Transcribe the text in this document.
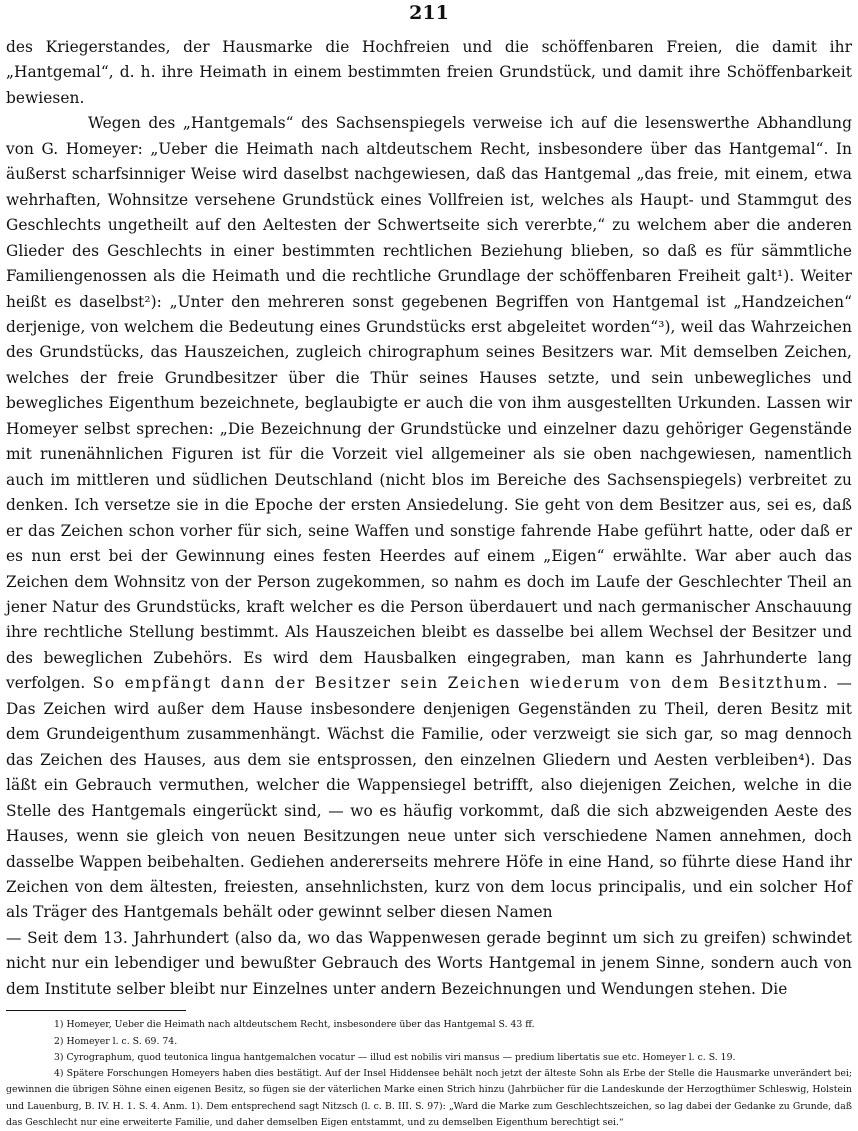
211

des Kriegerstandes, der Hausmarke die Hochfreien und die schöffenbaren Freien, die damit ihr „Hantgemal“, d. h. ihre Heimath in einem bestimmten freien Grundstück, und damit ihre Schöffenbarkeit bewiesen.

Wegen des „Hantgemals“ des Sachsenspiegels verweise ich auf die lesenswerthe Abhandlung von G. Homeyer: „Ueber die Heimath nach altdeutschem Recht, insbesondere über das Hantgemal“. In äußerst scharfsinniger Weise wird daselbst nachgewiesen, daß das Hantgemal „das freie, mit einem, etwa wehrhaften, Wohnsitze versehene Grundstück eines Vollfreien ist, welches als Haupt- und Stammgut des Geschlechts ungetheilt auf den Aeltesten der Schwertseite sich vererbte,“ zu welchem aber die anderen Glieder des Geschlechts in einer bestimmten rechtlichen Beziehung blieben, so daß es für sämmtliche Familiengenossen als die Heimath und die rechtliche Grundlage der schöffenbaren Freiheit galt¹). Weiter heißt es daselbst²): „Unter den mehreren sonst gegebenen Begriffen von Hantgemal ist „Handzeichen“ derjenige, von welchem die Bedeutung eines Grundstücks erst abgeleitet worden“³), weil das Wahrzeichen des Grundstücks, das Hauszeichen, zugleich chirographum seines Besitzers war. Mit demselben Zeichen, welches der freie Grundbesitzer über die Thür seines Hauses setzte, und sein unbewegliches und bewegliches Eigenthum bezeichnete, beglaubigte er auch die von ihm ausgestellten Urkunden. Lassen wir Homeyer selbst sprechen: „Die Bezeichnung der Grundstücke und einzelner dazu gehöriger Gegenstände mit runenähnlichen Figuren ist für die Vorzeit viel allgemeiner als sie oben nachgewiesen, namentlich auch im mittleren und südlichen Deutschland (nicht blos im Bereiche des Sachsenspiegels) verbreitet zu denken. Ich versetze sie in die Epoche der ersten Ansiedelung. Sie geht von dem Besitzer aus, sei es, daß er das Zeichen schon vorher für sich, seine Waffen und sonstige fahrende Habe geführt hatte, oder daß er es nun erst bei der Gewinnung eines festen Heerdes auf einem „Eigen“ erwählte. War aber auch das Zeichen dem Wohnsitz von der Person zugekommen, so nahm es doch im Laufe der Geschlechter Theil an jener Natur des Grundstücks, kraft welcher es die Person überdauert und nach germanischer Anschauung ihre rechtliche Stellung bestimmt. Als Hauszeichen bleibt es dasselbe bei allem Wechsel der Besitzer und des beweglichen Zubehörs. Es wird dem Hausbalken eingegraben, man kann es Jahrhunderte lang verfolgen. So empfängt dann der Besitzer sein Zeichen wiederum von dem Besitzthum. — Das Zeichen wird außer dem Hause insbesondere denjenigen Gegenständen zu Theil, deren Besitz mit dem Grundeigenthum zusammenhängt. Wächst die Familie, oder verzweigt sie sich gar, so mag dennoch das Zeichen des Hauses, aus dem sie entsprossen, den einzelnen Gliedern und Aesten verbleiben⁴). Das läßt ein Gebrauch vermuthen, welcher die Wappensiegel betrifft, also diejenigen Zeichen, welche in die Stelle des Hantgemals eingerückt sind, — wo es häufig vorkommt, daß die sich abzweigenden Aeste des Hauses, wenn sie gleich von neuen Besitzungen neue unter sich verschiedene Namen annehmen, doch dasselbe Wappen beibehalten. Gediehen andererseits mehrere Höfe in eine Hand, so führte diese Hand ihr Zeichen von dem ältesten, freiesten, ansehnlichsten, kurz von dem locus principalis, und ein solcher Hof als Träger des Hantgemals behält oder gewinnt selber diesen Namen

— Seit dem 13. Jahrhundert (also da, wo das Wappenwesen gerade beginnt um sich zu greifen) schwindet nicht nur ein lebendiger und bewußter Gebrauch des Worts Hantgemal in jenem Sinne, sondern auch von dem Institute selber bleibt nur Einzelnes unter andern Bezeichnungen und Wendungen stehen. Die

1) Homeyer, Ueber die Heimath nach altdeutschem Recht, insbesondere über das Hantgemal S. 43 ff.

2) Homeyer l. c. S. 69. 74.

3) Cyrographum, quod teutonica lingua hantgemalchen vocatur — illud est nobilis viri mansus — predium libertatis sue etc. Homeyer l. c. S. 19.

4) Spätere Forschungen Homeyers haben dies bestätigt. Auf der Insel Hiddensee behält noch jetzt der älteste Sohn als Erbe der Stelle die Hausmarke unverändert bei; gewinnen die übrigen Söhne einen eigenen Besitz, so fügen sie der väterlichen Marke einen Strich hinzu (Jahrbücher für die Landeskunde der Herzogthümer Schleswig, Holstein und Lauenburg, B. IV. H. 1. S. 4. Anm. 1). Dem entsprechend sagt Nitzsch (l. c. B. III. S. 97): „Ward die Marke zum Geschlechtszeichen, so lag dabei der Gedanke zu Grunde, daß das Geschlecht nur eine erweiterte Familie, und daher demselben Eigen entstammt, und zu demselben Eigenthum berechtigt sei.“
